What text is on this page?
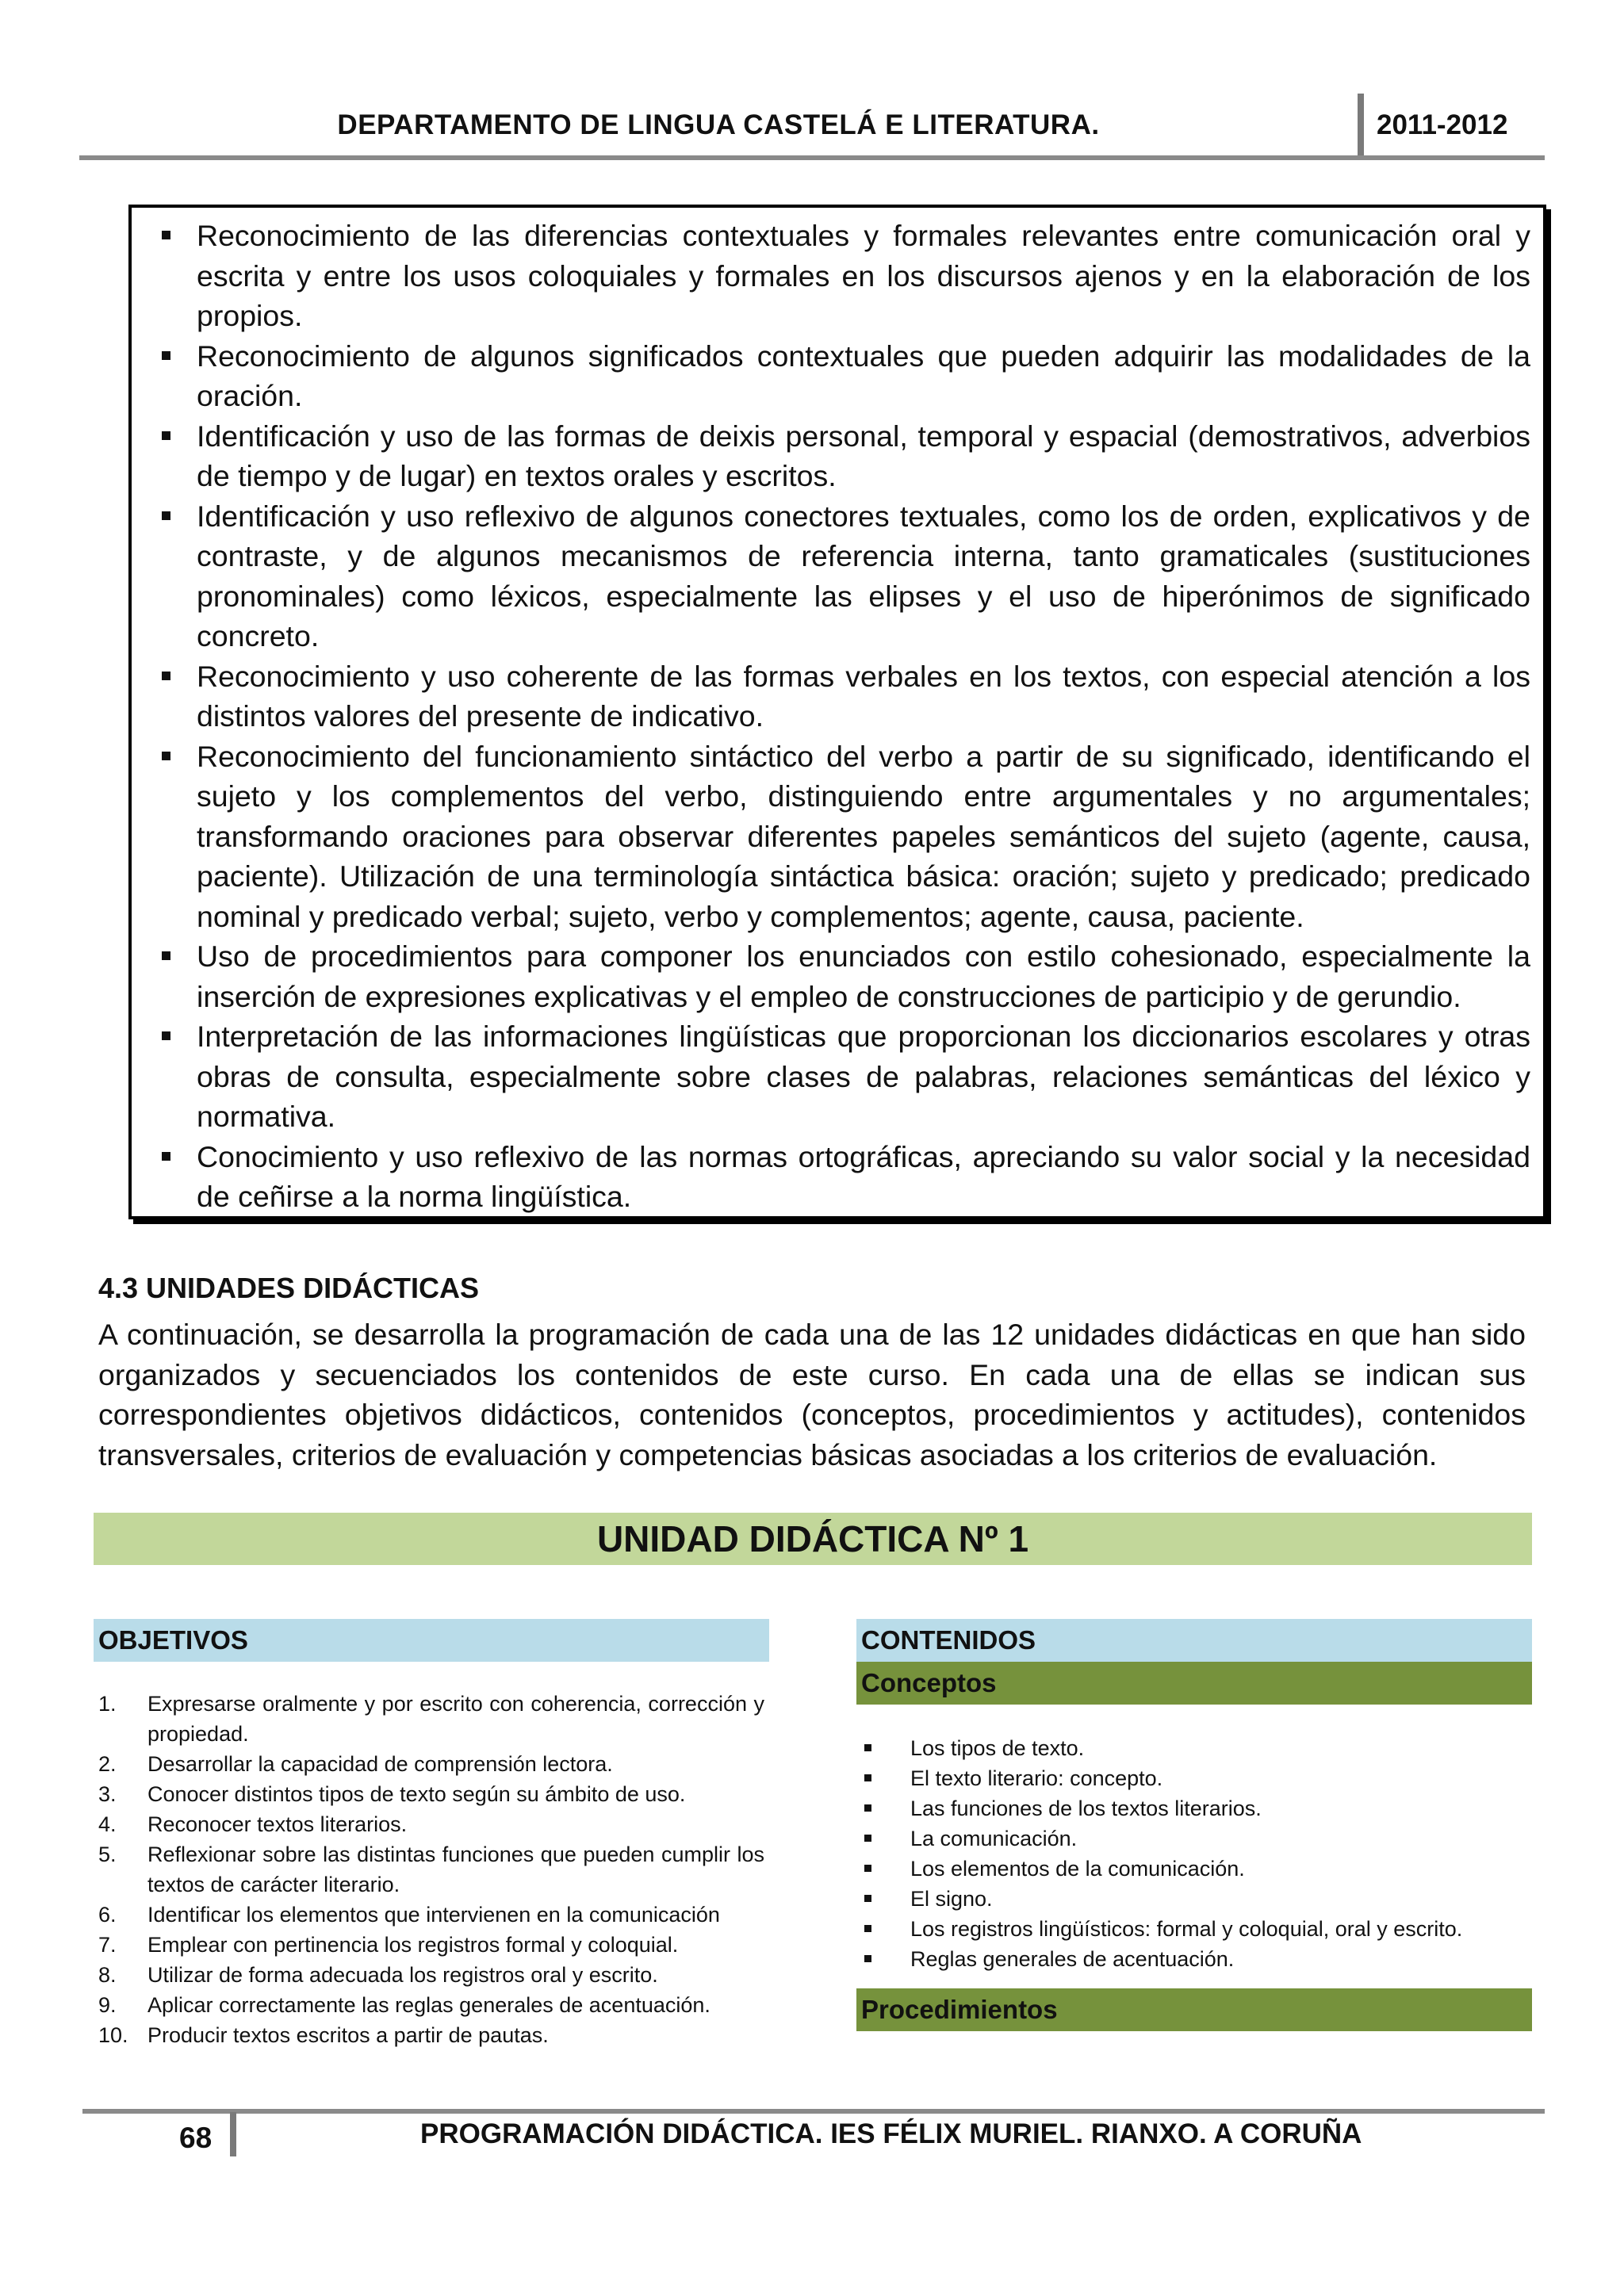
DEPARTAMENTO DE LINGUA CASTELÁ E LITERATURA.	2011-2012
Reconocimiento de las diferencias contextuales y formales relevantes entre comunicación oral y escrita y entre los usos coloquiales y formales en los discursos ajenos y en la elaboración de los propios.
Reconocimiento de algunos significados contextuales que pueden adquirir las modalidades de la oración.
Identificación y uso de las formas de deixis personal, temporal y espacial (demostrativos, adverbios de tiempo y de lugar) en textos orales y escritos.
Identificación y uso reflexivo de algunos conectores textuales, como los de orden, explicativos y de contraste, y de algunos mecanismos de referencia interna, tanto gramaticales (sustituciones pronominales) como léxicos, especialmente las elipses y el uso de hiperónimos de significado concreto.
Reconocimiento y uso coherente de las formas verbales en los textos, con especial atención a los distintos valores del presente de indicativo.
Reconocimiento del funcionamiento sintáctico del verbo a partir de su significado, identificando el sujeto y los complementos del verbo, distinguiendo entre argumentales y no argumentales; transformando oraciones para observar diferentes papeles semánticos del sujeto (agente, causa, paciente). Utilización de una terminología sintáctica básica: oración; sujeto y predicado; predicado nominal y predicado verbal; sujeto, verbo y complementos; agente, causa, paciente.
Uso de procedimientos para componer los enunciados con estilo cohesionado, especialmente la inserción de expresiones explicativas y el empleo de construcciones de participio y de gerundio.
Interpretación de las informaciones lingüísticas que proporcionan los diccionarios escolares y otras obras de consulta, especialmente sobre clases de palabras, relaciones semánticas del léxico y normativa.
Conocimiento y uso reflexivo de las normas ortográficas, apreciando su valor social y la necesidad de ceñirse a la norma lingüística.
4.3 UNIDADES DIDÁCTICAS

A continuación, se desarrolla la programación de cada una de las 12 unidades didácticas en que han sido organizados y secuenciados los contenidos de este curso. En cada una de ellas se indican sus correspondientes objetivos didácticos, contenidos (conceptos, procedimientos y actitudes), contenidos transversales, criterios de evaluación y competencias básicas asociadas a los criterios de evaluación.

UNIDAD DIDÁCTICA Nº 1
OBJETIVOS
1. Expresarse oralmente y por escrito con coherencia, corrección y propiedad.
2. Desarrollar la capacidad de comprensión lectora.
3. Conocer distintos tipos de texto según su ámbito de uso.
4. Reconocer textos literarios.
5. Reflexionar sobre las distintas funciones que pueden cumplir los textos de carácter literario.
6. Identificar los elementos que intervienen en la comunicación
7. Emplear con pertinencia los registros formal y coloquial.
8. Utilizar de forma adecuada los registros oral y escrito.
9. Aplicar correctamente las reglas generales de acentuación.
10. Producir textos escritos a partir de pautas.
CONTENIDOS
Conceptos
Los tipos de texto.
El texto literario: concepto.
Las funciones de los textos literarios.
La comunicación.
Los elementos de la comunicación.
El signo.
Los registros lingüísticos: formal y coloquial, oral y escrito.
Reglas generales de acentuación.
Procedimientos
68	PROGRAMACIÓN DIDÁCTICA. IES FÉLIX MURIEL. RIANXO. A CORUÑA
